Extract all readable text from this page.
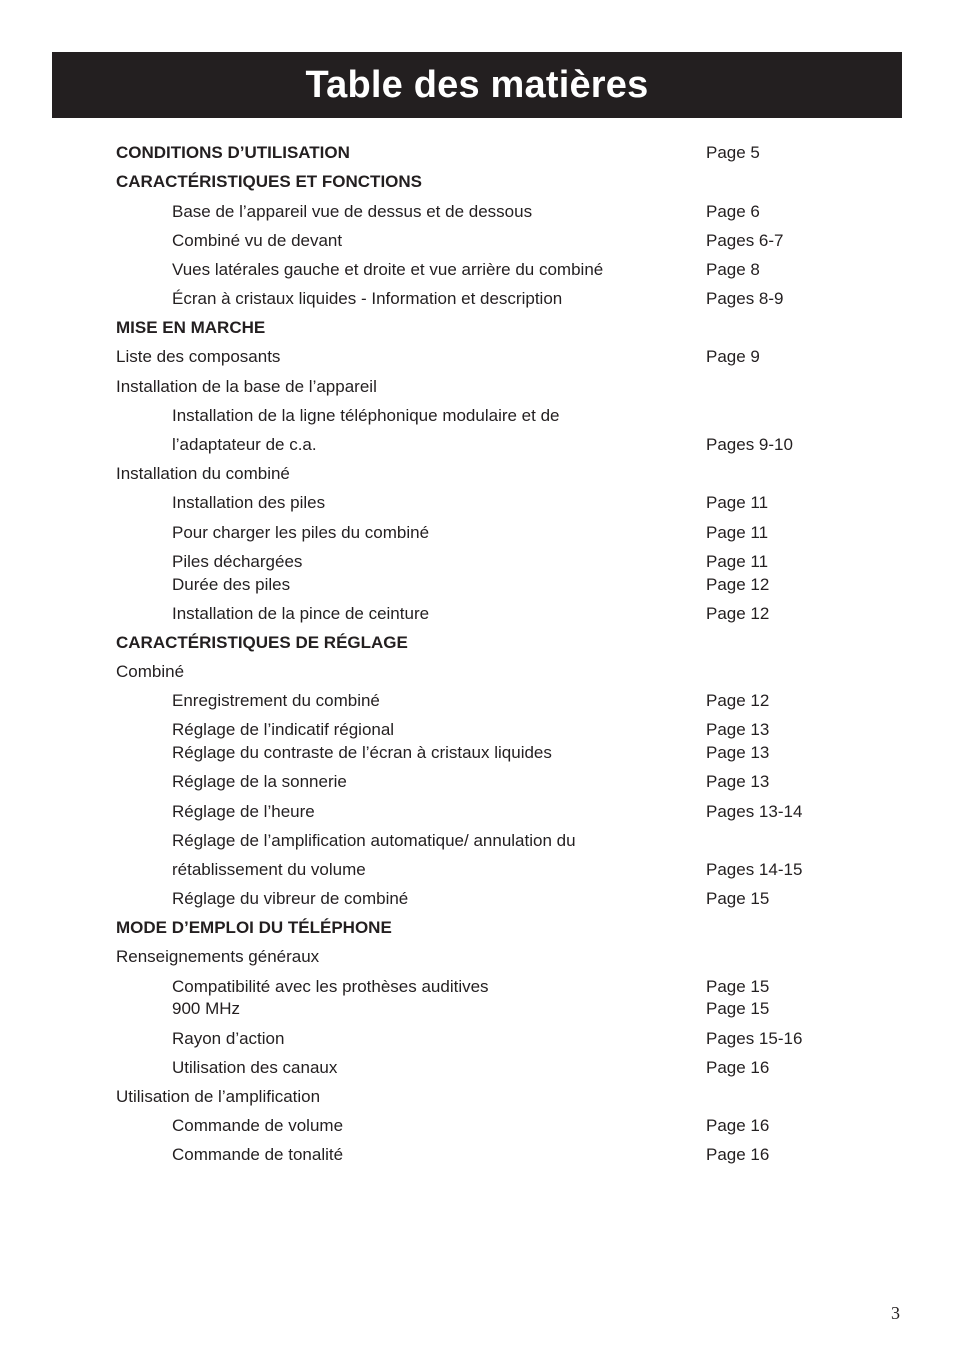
Table des matières
CONDITIONS D’UTILISATION	Page 5
CARACTÉRISTIQUES ET FONCTIONS
Base de l’appareil vue de dessus et de dessous	Page 6
Combiné vu de devant	Pages 6-7
Vues latérales gauche et droite et vue arrière du combiné	Page 8
Écran à cristaux liquides - Information et description	Pages 8-9
MISE EN MARCHE
Liste des composants	Page 9
Installation de la base de l’appareil
Installation de la ligne téléphonique modulaire et de
l’adaptateur de c.a.	Pages 9-10
Installation du combiné
Installation des piles	Page 11
Pour charger les piles du combiné	Page 11
Piles déchargées	Page 11
Durée des piles	Page 12
Installation de la pince de ceinture	Page 12
CARACTÉRISTIQUES DE RÉGLAGE
Combiné
Enregistrement du combiné	Page 12
Réglage de l’indicatif régional	Page 13
Réglage du contraste de l’écran à cristaux liquides	Page 13
Réglage de la sonnerie	Page 13
Réglage de l’heure	Pages 13-14
Réglage de l’amplification automatique/ annulation du
rétablissement du volume	Pages 14-15
Réglage du vibreur de combiné	Page 15
MODE D’EMPLOI DU TÉLÉPHONE
Renseignements généraux
Compatibilité avec les prothèses auditives	Page 15
900 MHz	Page 15
Rayon d’action	Pages 15-16
Utilisation des canaux	Page 16
Utilisation de l’amplification
Commande de volume	Page 16
Commande de tonalité	Page 16
3
